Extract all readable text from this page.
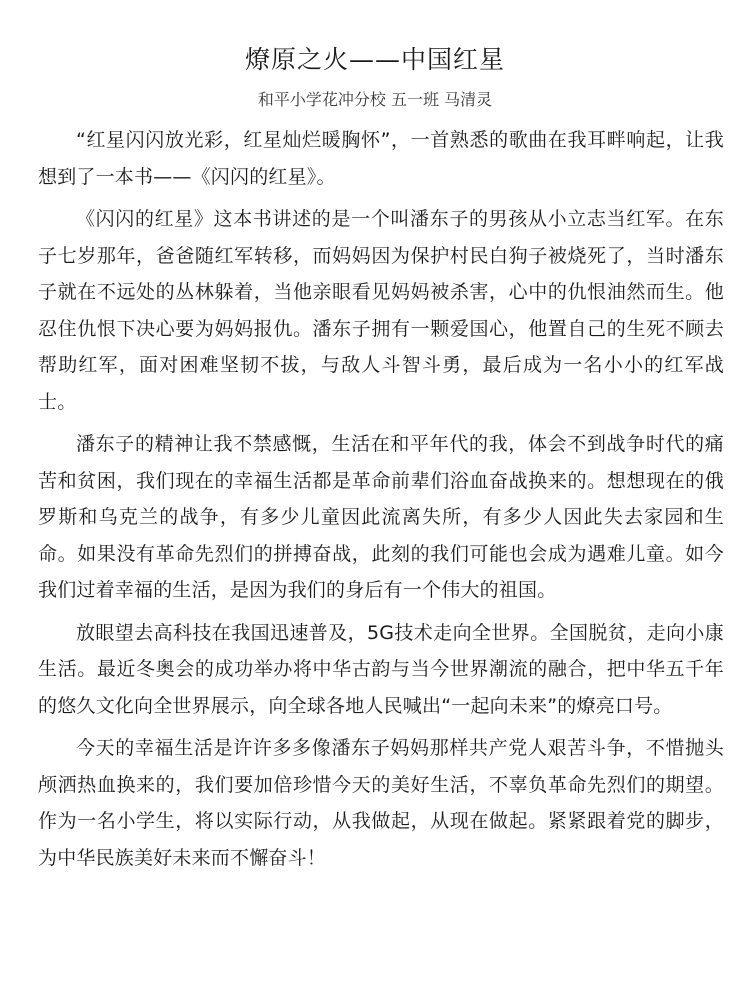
燎原之火——中国红星

和平小学花冲分校 五一班 马清灵

“红星闪闪放光彩，红星灿烂暖胸怀”，一首熟悉的歌曲在我耳畔响起，让我想到了一本书——《闪闪的红星》。

《闪闪的红星》这本书讲述的是一个叫潘东子的男孩从小立志当红军。在东子七岁那年，爸爸随红军转移，而妈妈因为保护村民白狗子被烧死了，当时潘东子就在不远处的丛林躲着，当他亲眼看见妈妈被杀害，心中的仇恨油然而生。他忍住仇恨下决心要为妈妈报仇。潘东子拥有一颗爱国心，他置自己的生死不顾去帮助红军，面对困难坚韧不拔，与敌人斗智斗勇，最后成为一名小小的红军战士。

潘东子的精神让我不禁感慨，生活在和平年代的我，体会不到战争时代的痛苦和贫困，我们现在的幸福生活都是革命前辈们浴血奋战换来的。想想现在的俄罗斯和乌克兰的战争，有多少儿童因此流离失所，有多少人因此失去家园和生命。如果没有革命先烈们的拼搏奋战，此刻的我们可能也会成为遇难儿童。如今我们过着幸福的生活，是因为我们的身后有一个伟大的祖国。

放眼望去高科技在我国迅速普及，5G技术走向全世界。全国脱贫，走向小康生活。最近冬奥会的成功举办将中华古韵与当今世界潮流的融合，把中华五千年的悠久文化向全世界展示，向全球各地人民喊出“一起向未来”的燎亮口号。

今天的幸福生活是许许多多像潘东子妈妈那样共产党人艰苦斗争，不惜抛头颅洒热血换来的，我们要加倍珍惜今天的美好生活，不辜负革命先烈们的期望。作为一名小学生，将以实际行动，从我做起，从现在做起。紧紧跟着党的脚步，为中华民族美好未来而不懈奋斗！
